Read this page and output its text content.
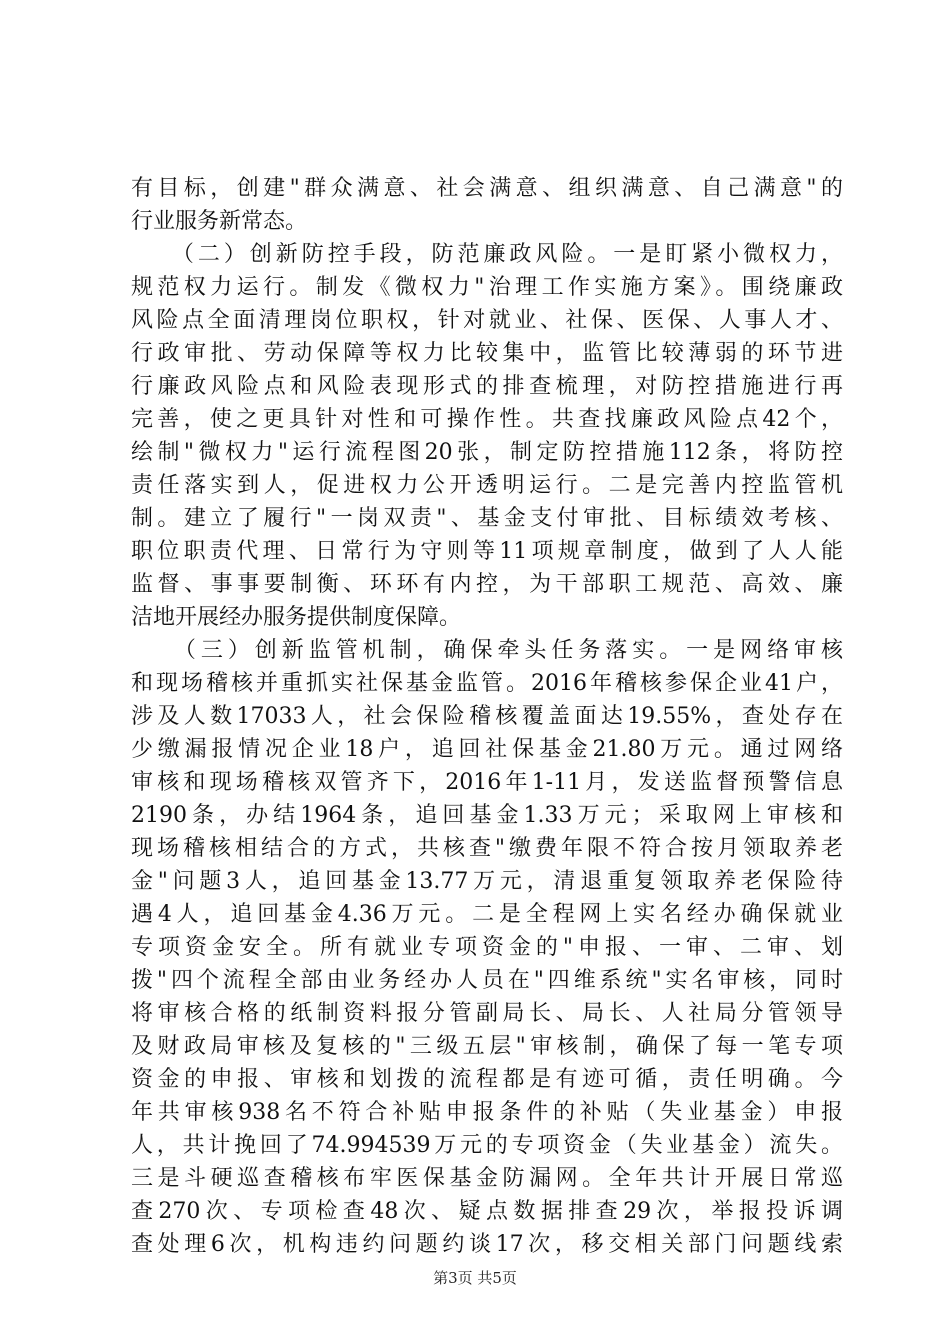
有目标，创建"群众满意、社会满意、组织满意、自己满意"的
行业服务新常态。
　　（二）创新防控手段，防范廉政风险。一是盯紧小微权力，
规范权力运行。制发《微权力"治理工作实施方案》。围绕廉政
风险点全面清理岗位职权，针对就业、社保、医保、人事人才、
行政审批、劳动保障等权力比较集中，监管比较薄弱的环节进
行廉政风险点和风险表现形式的排查梳理，对防控措施进行再
完善，使之更具针对性和可操作性。共查找廉政风险点42个，
绘制"微权力"运行流程图20张，制定防控措施112条，将防控
责任落实到人，促进权力公开透明运行。二是完善内控监管机
制。建立了履行"一岗双责"、基金支付审批、目标绩效考核、
职位职责代理、日常行为守则等11项规章制度，做到了人人能
监督、事事要制衡、环环有内控，为干部职工规范、高效、廉
洁地开展经办服务提供制度保障。
　　（三）创新监管机制，确保牵头任务落实。一是网络审核
和现场稽核并重抓实社保基金监管。2016年稽核参保企业41户，
涉及人数17033人，社会保险稽核覆盖面达19.55%，查处存在
少缴漏报情况企业18户，追回社保基金21.80万元。通过网络
审核和现场稽核双管齐下，2016年1-11月，发送监督预警信息
2190条，办结1964条，追回基金1.33万元；采取网上审核和
现场稽核相结合的方式，共核查"缴费年限不符合按月领取养老
金"问题3人，追回基金13.77万元，清退重复领取养老保险待
遇4人，追回基金4.36万元。二是全程网上实名经办确保就业
专项资金安全。所有就业专项资金的"申报、一审、二审、划
拨"四个流程全部由业务经办人员在"四维系统"实名审核，同时
将审核合格的纸制资料报分管副局长、局长、人社局分管领导
及财政局审核及复核的"三级五层"审核制，确保了每一笔专项
资金的申报、审核和划拨的流程都是有迹可循，责任明确。今
年共审核938名不符合补贴申报条件的补贴（失业基金）申报
人，共计挽回了74.994539万元的专项资金（失业基金）流失。
三是斗硬巡查稽核布牢医保基金防漏网。全年共计开展日常巡
查270次、专项检查48次、疑点数据排查29次，举报投诉调
查处理6次，机构违约问题约谈17次，移交相关部门问题线索
第3页 共5页
